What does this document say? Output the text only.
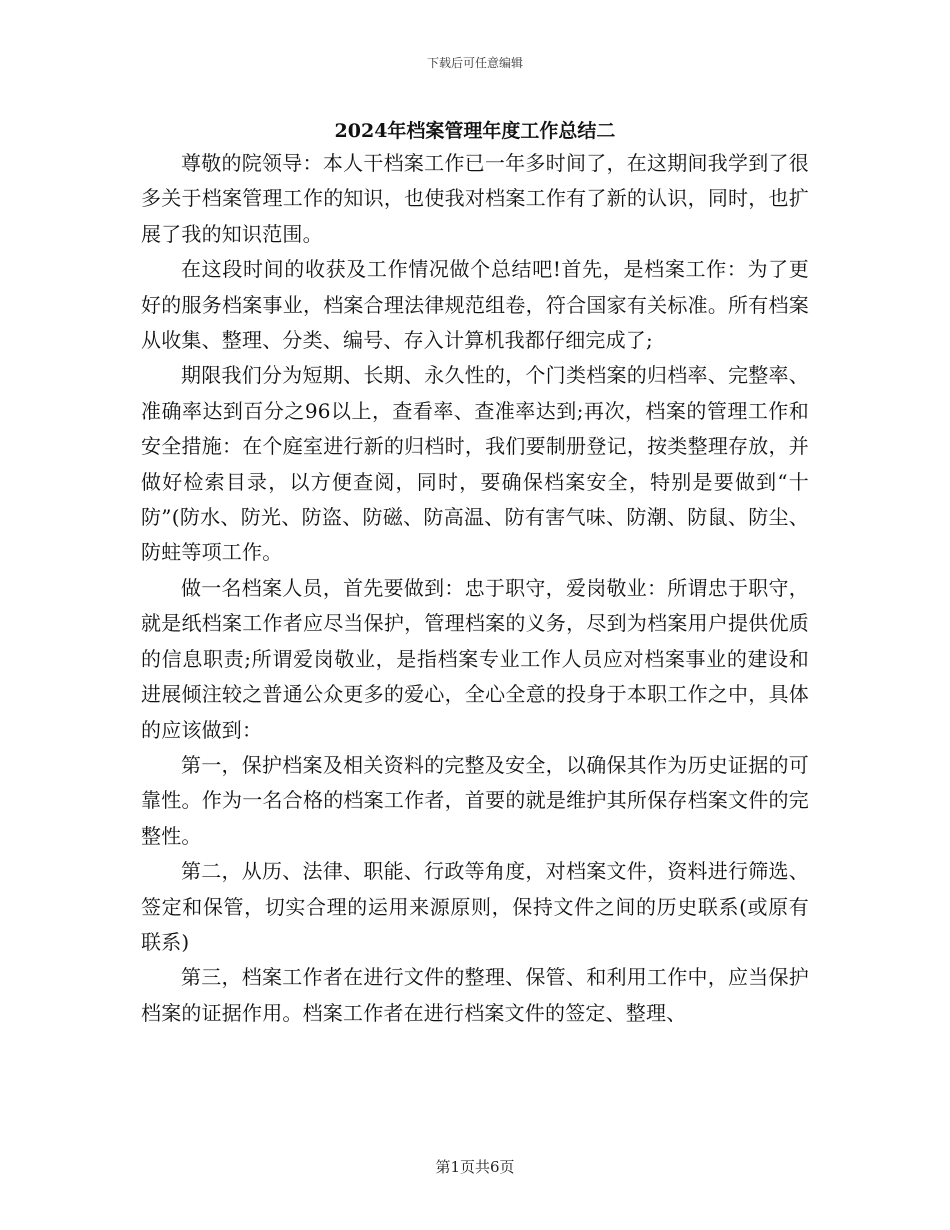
下载后可任意编辑
2024年档案管理年度工作总结二

尊敬的院领导：本人干档案工作已一年多时间了，在这期间我学到了很多关于档案管理工作的知识，也使我对档案工作有了新的认识，同时，也扩展了我的知识范围。

在这段时间的收获及工作情况做个总结吧!首先，是档案工作：为了更好的服务档案事业，档案合理法律规范组卷，符合国家有关标准。所有档案从收集、整理、分类、编号、存入计算机我都仔细完成了;

期限我们分为短期、长期、永久性的，个门类档案的归档率、完整率、准确率达到百分之96以上，查看率、查准率达到;再次，档案的管理工作和安全措施：在个庭室进行新的归档时，我们要制册登记，按类整理存放，并做好检索目录，以方便查阅，同时，要确保档案安全，特别是要做到“十防”(防水、防光、防盗、防磁、防高温、防有害气味、防潮、防鼠、防尘、防蛀等项工作。

做一名档案人员，首先要做到：忠于职守，爱岗敬业：所谓忠于职守，就是纸档案工作者应尽当保护，管理档案的义务，尽到为档案用户提供优质的信息职责;所谓爱岗敬业，是指档案专业工作人员应对档案事业的建设和进展倾注较之普通公众更多的爱心，全心全意的投身于本职工作之中，具体的应该做到：

第一，保护档案及相关资料的完整及安全，以确保其作为历史证据的可靠性。作为一名合格的档案工作者，首要的就是维护其所保存档案文件的完整性。

第二，从历、法律、职能、行政等角度，对档案文件，资料进行筛选、签定和保管，切实合理的运用来源原则，保持文件之间的历史联系(或原有联系)

第三，档案工作者在进行文件的整理、保管、和利用工作中，应当保护档案的证据作用。档案工作者在进行档案文件的签定、整理、

第1页共6页
